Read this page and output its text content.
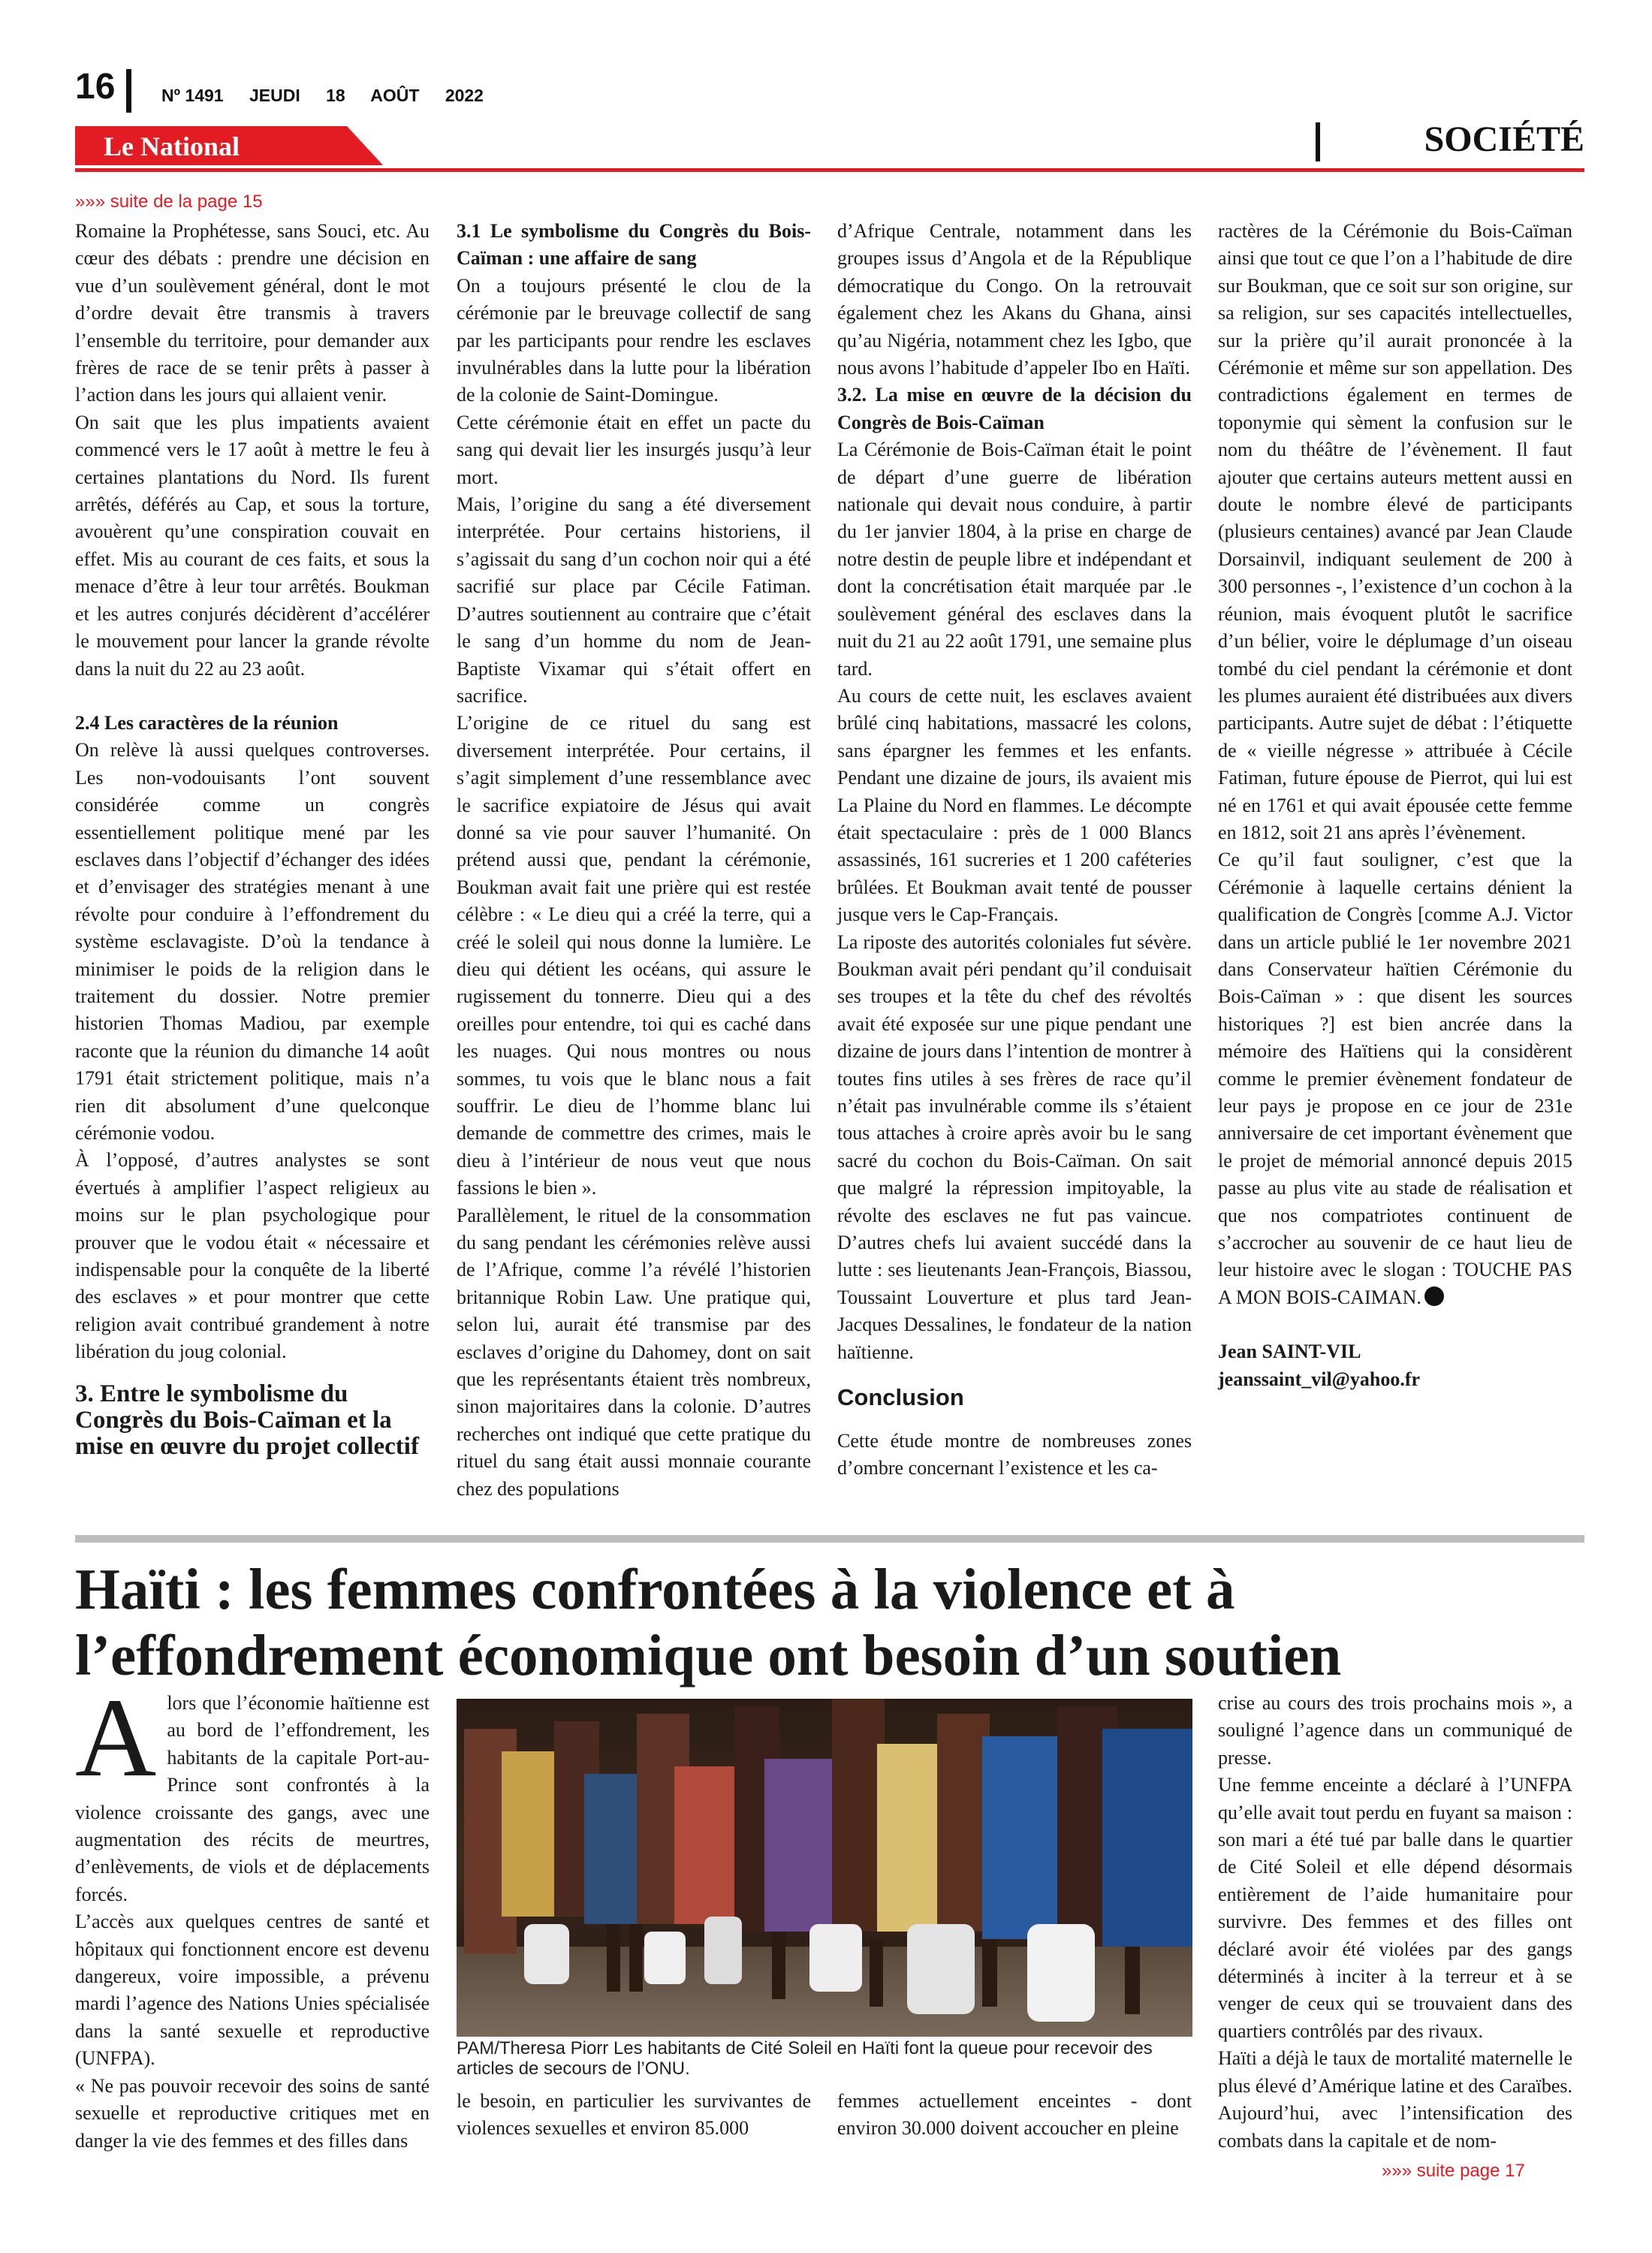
16	Nº 1491 JEUDI 18 AOÛT 2022
Le National	SOCIÉTÉ
»»» suite de la page 15

Romaine la Prophétesse, sans Souci, etc. Au cœur des débats : prendre une décision en vue d’un soulèvement général, dont le mot d’ordre devait être transmis à travers l’ensemble du territoire, pour demander aux frères de race de se tenir prêts à passer à l’action dans les jours qui allaient venir.

On sait que les plus impatients avaient commencé vers le 17 août à mettre le feu à certaines plantations du Nord. Ils furent arrêtés, déférés au Cap, et sous la torture, avouèrent qu’une conspiration couvait en effet. Mis au courant de ces faits, et sous la menace d’être à leur tour arrêtés. Boukman et les autres conjurés décidèrent d’accélérer le mouvement pour lancer la grande révolte dans la nuit du 22 au 23 août.

2.4 Les caractères de la réunion

On relève là aussi quelques controverses. Les non-vodouisants l’ont souvent considérée comme un congrès essentiellement politique mené par les esclaves dans l’objectif d’échanger des idées et d’envisager des stratégies menant à une révolte pour conduire à l’effondrement du système esclavagiste. D’où la tendance à minimiser le poids de la religion dans le traitement du dossier. Notre premier historien Thomas Madiou, par exemple raconte que la réunion du dimanche 14 août 1791 était strictement politique, mais n’a rien dit absolument d’une quelconque cérémonie vodou.

À l’opposé, d’autres analystes se sont évertués à amplifier l’aspect religieux au moins sur le plan psychologique pour prouver que le vodou était « nécessaire et indispensable pour la conquête de la liberté des esclaves » et pour montrer que cette religion avait contribué grandement à notre libération du joug colonial.

3. Entre le symbolisme du Congrès du Bois-Caïman et la mise en œuvre du projet collectif

3.1 Le symbolisme du Congrès du Bois-Caïman : une affaire de sang

On a toujours présenté le clou de la cérémonie par le breuvage collectif de sang par les participants pour rendre les esclaves invulnérables dans la lutte pour la libération de la colonie de Saint-Domingue.

Cette cérémonie était en effet un pacte du sang qui devait lier les insurgés jusqu’à leur mort.

Mais, l’origine du sang a été diversement interprétée. Pour certains historiens, il s’agissait du sang d’un cochon noir qui a été sacrifié sur place par Cécile Fatiman. D’autres soutiennent au contraire que c’était le sang d’un homme du nom de Jean-Baptiste Vixamar qui s’était offert en sacrifice.

L’origine de ce rituel du sang est diversement interprétée. Pour certains, il s’agit simplement d’une ressemblance avec le sacrifice expiatoire de Jésus qui avait donné sa vie pour sauver l’humanité. On prétend aussi que, pendant la cérémonie, Boukman avait fait une prière qui est restée célèbre : « Le dieu qui a créé la terre, qui a créé le soleil qui nous donne la lumière. Le dieu qui détient les océans, qui assure le rugissement du tonnerre. Dieu qui a des oreilles pour entendre, toi qui es caché dans les nuages. Qui nous montres ou nous sommes, tu vois que le blanc nous a fait souffrir. Le dieu de l’homme blanc lui demande de commettre des crimes, mais le dieu à l’intérieur de nous veut que nous fassions le bien ».

Parallèlement, le rituel de la consommation du sang pendant les cérémonies relève aussi de l’Afrique, comme l’a révélé l’historien britannique Robin Law. Une pratique qui, selon lui, aurait été transmise par des esclaves d’origine du Dahomey, dont on sait que les représentants étaient très nombreux, sinon majoritaires dans la colonie. D’autres recherches ont indiqué que cette pratique du rituel du sang était aussi monnaie courante chez des populations

d’Afrique Centrale, notamment dans les groupes issus d’Angola et de la République démocratique du Congo. On la retrouvait également chez les Akans du Ghana, ainsi qu’au Nigéria, notamment chez les Igbo, que nous avons l’habitude d’appeler Ibo en Haïti.

3.2. La mise en œuvre de la décision du Congrès de Bois-Caïman

La Cérémonie de Bois-Caïman était le point de départ d’une guerre de libération nationale qui devait nous conduire, à partir du 1er janvier 1804, à la prise en charge de notre destin de peuple libre et indépendant et dont la concrétisation était marquée par .le soulèvement général des esclaves dans la nuit du 21 au 22 août 1791, une semaine plus tard.

Au cours de cette nuit, les esclaves avaient brûlé cinq habitations, massacré les colons, sans épargner les femmes et les enfants. Pendant une dizaine de jours, ils avaient mis La Plaine du Nord en flammes. Le décompte était spectaculaire : près de 1 000 Blancs assassinés, 161 sucreries et 1 200 caféteries brûlées. Et Boukman avait tenté de pousser jusque vers le Cap-Français.

La riposte des autorités coloniales fut sévère. Boukman avait péri pendant qu’il conduisait ses troupes et la tête du chef des révoltés avait été exposée sur une pique pendant une dizaine de jours dans l’intention de montrer à toutes fins utiles à ses frères de race qu’il n’était pas invulnérable comme ils s’étaient tous attaches à croire après avoir bu le sang sacré du cochon du Bois-Caïman. On sait que malgré la répression impitoyable, la révolte des esclaves ne fut pas vaincue. D’autres chefs lui avaient succédé dans la lutte : ses lieutenants Jean-François, Biassou, Toussaint Louverture et plus tard Jean-Jacques Dessalines, le fondateur de la nation haïtienne.

Conclusion

Cette étude montre de nombreuses zones d’ombre concernant l’existence et les ca-

ractères de la Cérémonie du Bois-Caïman ainsi que tout ce que l’on a l’habitude de dire sur Boukman, que ce soit sur son origine, sur sa religion, sur ses capacités intellectuelles, sur la prière qu’il aurait prononcée à la Cérémonie et même sur son appellation. Des contradictions également en termes de toponymie qui sèment la confusion sur le nom du théâtre de l’évènement. Il faut ajouter que certains auteurs mettent aussi en doute le nombre élevé de participants (plusieurs centaines) avancé par Jean Claude Dorsainvil, indiquant seulement de 200 à 300 personnes -, l’existence d’un cochon à la réunion, mais évoquent plutôt le sacrifice d’un bélier, voire le déplumage d’un oiseau tombé du ciel pendant la cérémonie et dont les plumes auraient été distribuées aux divers participants. Autre sujet de débat : l’étiquette de « vieille négresse » attribuée à Cécile Fatiman, future épouse de Pierrot, qui lui est né en 1761 et qui avait épousée cette femme en 1812, soit 21 ans après l’évènement.

Ce qu’il faut souligner, c’est que la Cérémonie à laquelle certains dénient la qualification de Congrès [comme A.J. Victor dans un article publié le 1er novembre 2021 dans Conservateur haïtien Cérémonie du Bois-Caïman » : que disent les sources historiques ?] est bien ancrée dans la mémoire des Haïtiens qui la considèrent comme le premier évènement fondateur de leur pays je propose en ce jour de 231e anniversaire de cet important évènement que le projet de mémorial annoncé depuis 2015 passe au plus vite au stade de réalisation et que nos compatriotes continuent de s’accrocher au souvenir de ce haut lieu de leur histoire avec le slogan : TOUCHE PAS A MON BOIS-CAIMAN.

Jean SAINT-VIL

jeanssaint_vil@yahoo.fr

Haïti : les femmes confrontées à la violence et à
l’effondrement économique ont besoin d’un soutien

Alors que l’économie haïtienne est au bord de l’effondrement, les habitants de la capitale Port-au-Prince sont confrontés à la violence croissante des gangs, avec une augmentation des récits de meurtres, d’enlèvements, de viols et de déplacements forcés.

L’accès aux quelques centres de santé et hôpitaux qui fonctionnent encore est devenu dangereux, voire impossible, a prévenu mardi l’agence des Nations Unies spécialisée dans la santé sexuelle et reproductive (UNFPA).

« Ne pas pouvoir recevoir des soins de santé sexuelle et reproductive critiques met en danger la vie des femmes et des filles dans

PAM/Theresa Piorr Les habitants de Cité Soleil en Haïti font la queue pour recevoir des articles de secours de l’ONU.

le besoin, en particulier les survivantes de violences sexuelles et environ 85.000

femmes actuellement enceintes - dont environ 30.000 doivent accoucher en pleine

crise au cours des trois prochains mois », a souligné l’agence dans un communiqué de presse.

Une femme enceinte a déclaré à l’UNFPA qu’elle avait tout perdu en fuyant sa maison : son mari a été tué par balle dans le quartier de Cité Soleil et elle dépend désormais entièrement de l’aide humanitaire pour survivre. Des femmes et des filles ont déclaré avoir été violées par des gangs déterminés à inciter à la terreur et à se venger de ceux qui se trouvaient dans des quartiers contrôlés par des rivaux.

Haïti a déjà le taux de mortalité maternelle le plus élevé d’Amérique latine et des Caraïbes. Aujourd’hui, avec l’intensification des combats dans la capitale et de nom-

»»» suite page 17
